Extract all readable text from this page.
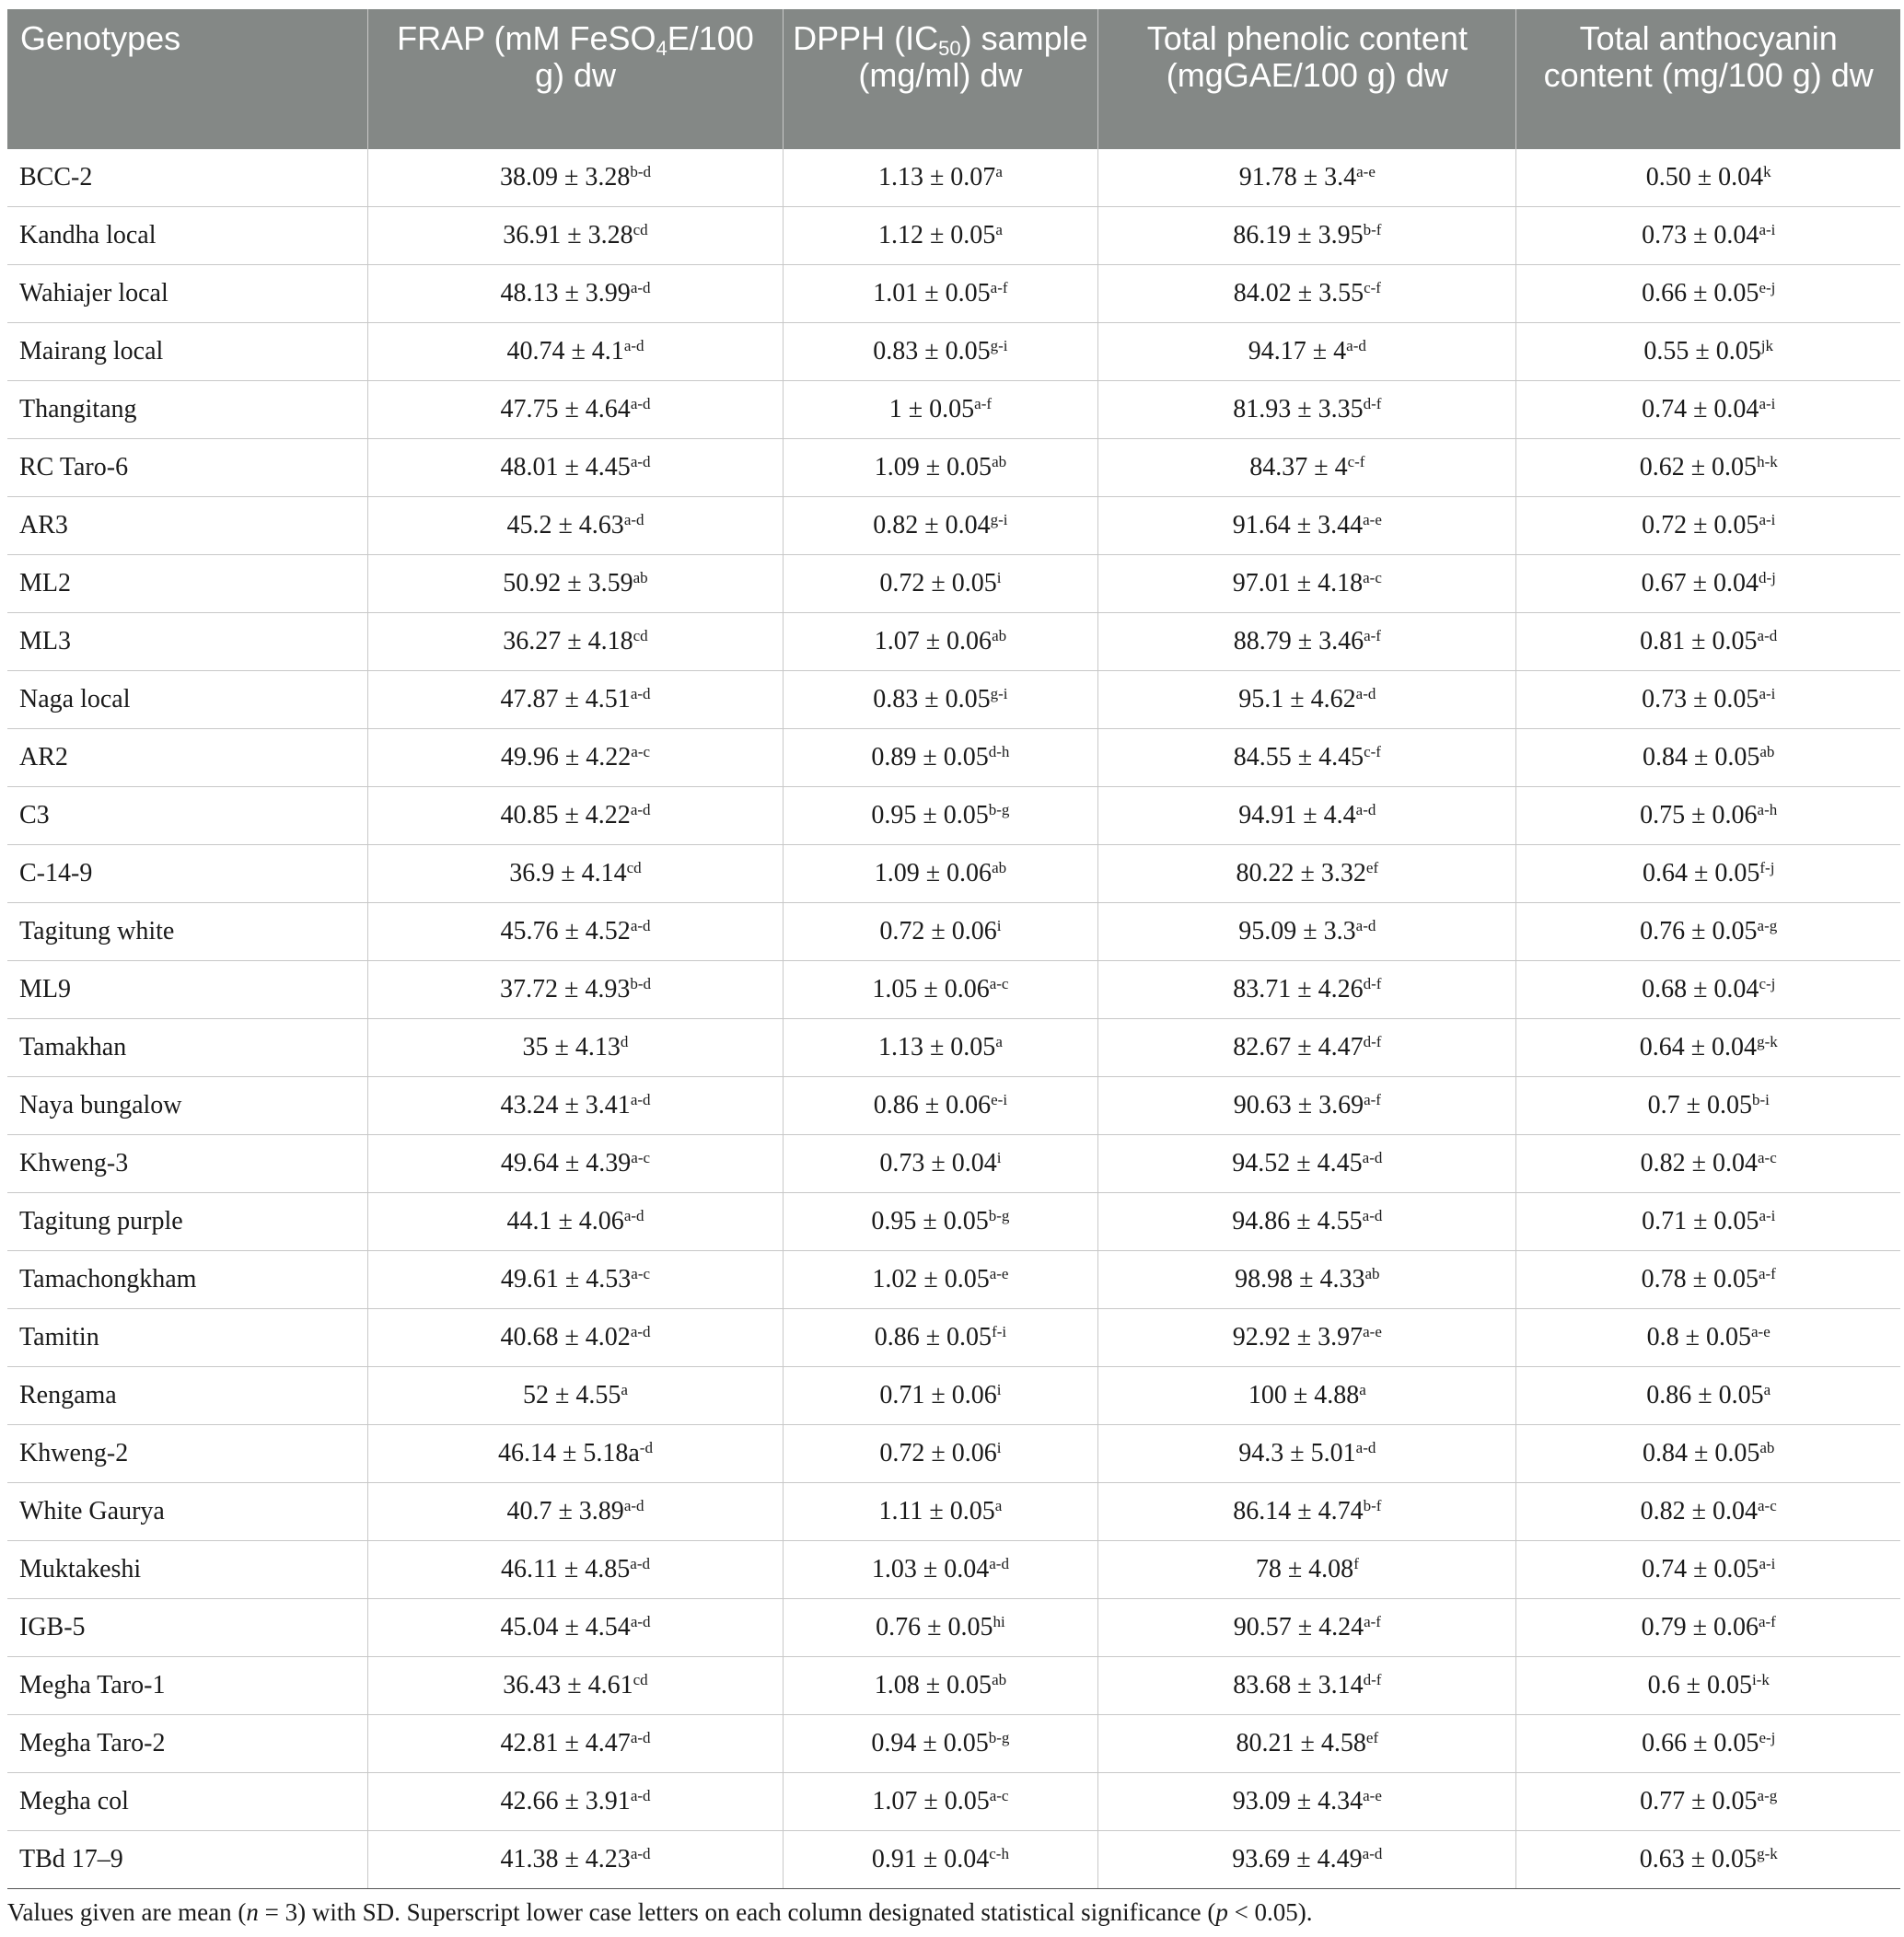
Genotypes	FRAP (mM FeSO$_4$E/100 g) dw	DPPH $(IC_{50})$ sample (mg/ml) dw	Total phenolic content (mgGAE/100 g) dw	Total anthocyanin content (mg/100 g) dw

BCC-2	$38.09 \pm 3.28^{b-d}$	1.13 ± 0.07$^a$	$91.78 \pm 3.4^{a-e}$	$0.50 \pm 0.04^k$
Kandha local	36.91 ± 3.28$^{cd}$	1.12 ± 0.05$^a$	$86.19 \pm 3.95^{b-f}$	$0.73 \pm 0.04^{a-i}$
Wahiajer local	$48.13 \pm 3.99^{a-d}$	$1.01 \pm 0.05^{a-f}$	$84.02 \pm 3.55^{c-f}$	$0.66 \pm 0.05^{e-j}$
Mairang local	$40.74 \pm 4.1^{a-d}$	$0.83 \pm 0.05^{g-i}$	$94.17 \pm 4^{a-d}$	$0.55 \pm 0.05^{jk}$
Thangitang	$47.75 \pm 4.64^{a-d}$	$1 \pm 0.05^{a-f}$	$81.93 \pm 3.35^{d-f}$	$0.74 \pm 0.04^{a-i}$
RC Taro-6	$48.01 \pm 4.45^{a-d}$	1.09 ± 0.05$^{ab}$	$84.37 \pm 4^{c-f}$	$0.62 \pm 0.05^{h-k}$
AR3	$45.2 \pm 4.63^{a-d}$	$0.82 \pm 0.04^{g-i}$	$91.64 \pm 3.44^{a-e}$	$0.72 \pm 0.05^{a-i}$
ML2	50.92 ± 3.59$^{ab}$	$0.72 \pm 0.05^i$	$97.01 \pm 4.18^{a-c}$	$0.67 \pm 0.04^{d-j}$
ML3	36.27 ± 4.18$^{cd}$	1.07 ± 0.06$^{ab}$	$88.79 \pm 3.46^{a-f}$	$0.81 \pm 0.05^{a-d}$
Naga local	$47.87 \pm 4.51^{a-d}$	$0.83 \pm 0.05^{g-i}$	$95.1 \pm 4.62^{a-d}$	$0.73 \pm 0.05^{a-i}$
AR2	$49.96 \pm 4.22^{a-c}$	$0.89 \pm 0.05^{d-h}$	$84.55 \pm 4.45^{c-f}$	0.84 ± 0.05$^{ab}$
C3	$40.85 \pm 4.22^{a-d}$	$0.95 \pm 0.05^{b-g}$	$94.91 \pm 4.4^{a-d}$	$0.75 \pm 0.06^{a-h}$
C-14-9	36.9 ± 4.14$^{cd}$	1.09 ± 0.06$^{ab}$	80.22 ± 3.32$^{ef}$	$0.64 \pm 0.05^{f-j}$
Tagitung white	$45.76 \pm 4.52^{a-d}$	$0.72 \pm 0.06^i$	$95.09 \pm 3.3^{a-d}$	$0.76 \pm 0.05^{a-g}$
ML9	$37.72 \pm 4.93^{b-d}$	$1.05 \pm 0.06^{a-c}$	$83.71 \pm 4.26^{d-f}$	$0.68 \pm 0.04^{c-j}$
Tamakhan	35 ± 4.13$^d$	1.13 ± 0.05$^a$	$82.67 \pm 4.47^{d-f}$	$0.64 \pm 0.04^{g-k}$
Naya bungalow	$43.24 \pm 3.41^{a-d}$	$0.86 \pm 0.06^{e-i}$	$90.63 \pm 3.69^{a-f}$	$0.7 \pm 0.05^{b-i}$
Khweng-3	$49.64 \pm 4.39^{a-c}$	$0.73 \pm 0.04^i$	$94.52 \pm 4.45^{a-d}$	$0.82 \pm 0.04^{a-c}$
Tagitung purple	$44.1 \pm 4.06^{a-d}$	$0.95 \pm 0.05^{b-g}$	$94.86 \pm 4.55^{a-d}$	$0.71 \pm 0.05^{a-i}$
Tamachongkham	$49.61 \pm 4.53^{a-c}$	$1.02 \pm 0.05^{a-e}$	98.98 ± 4.33$^{ab}$	$0.78 \pm 0.05^{a-f}$
Tamitin	$40.68 \pm 4.02^{a-d}$	$0.86 \pm 0.05^{f-i}$	$92.92 \pm 3.97^{a-e}$	$0.8 \pm 0.05^{a-e}$
Rengama	52 ± 4.55$^a$	$0.71 \pm 0.06^i$	100 ± 4.88$^a$	0.86 ± 0.05$^a$
Khweng-2	$46.14 \pm 5.18a^{-d}$	$0.72 \pm 0.06^i$	$94.3 \pm 5.01^{a-d}$	0.84 ± 0.05$^{ab}$
White Gaurya	$40.7 \pm 3.89^{a-d}$	1.11 ± 0.05$^a$	$86.14 \pm 4.74^{b-f}$	$0.82 \pm 0.04^{a-c}$
Muktakeshi	$46.11 \pm 4.85^{a-d}$	$1.03 \pm 0.04^{a-d}$	78 ± 4.08$^f$	$0.74 \pm 0.05^{a-i}$
IGB-5	$45.04 \pm 4.54^{a-d}$	$0.76 \pm 0.05^{hi}$	$90.57 \pm 4.24^{a-f}$	$0.79 \pm 0.06^{a-f}$
Megha Taro-1	36.43 ± 4.61$^{cd}$	1.08 ± 0.05$^{ab}$	$83.68 \pm 3.14^{d-f}$	$0.6 \pm 0.05^{i-k}$
Megha Taro-2	$42.81 \pm 4.47^{a-d}$	$0.94 \pm 0.05^{b-g}$	80.21 ± 4.58$^{ef}$	$0.66 \pm 0.05^{e-j}$
Megha col	$42.66 \pm 3.91^{a-d}$	$1.07 \pm 0.05^{a-c}$	$93.09 \pm 4.34^{a-e}$	$0.77 \pm 0.05^{a-g}$
TBd 17–9	$41.38 \pm 4.23^{a-d}$	$0.91 \pm 0.04^{c-h}$	$93.69 \pm 4.49^{a-d}$	$0.63 \pm 0.05^{g-k}$
Values given are mean (n = 3) with SD. Superscript lower case letters on each column designated statistical significance (p < 0.05).
